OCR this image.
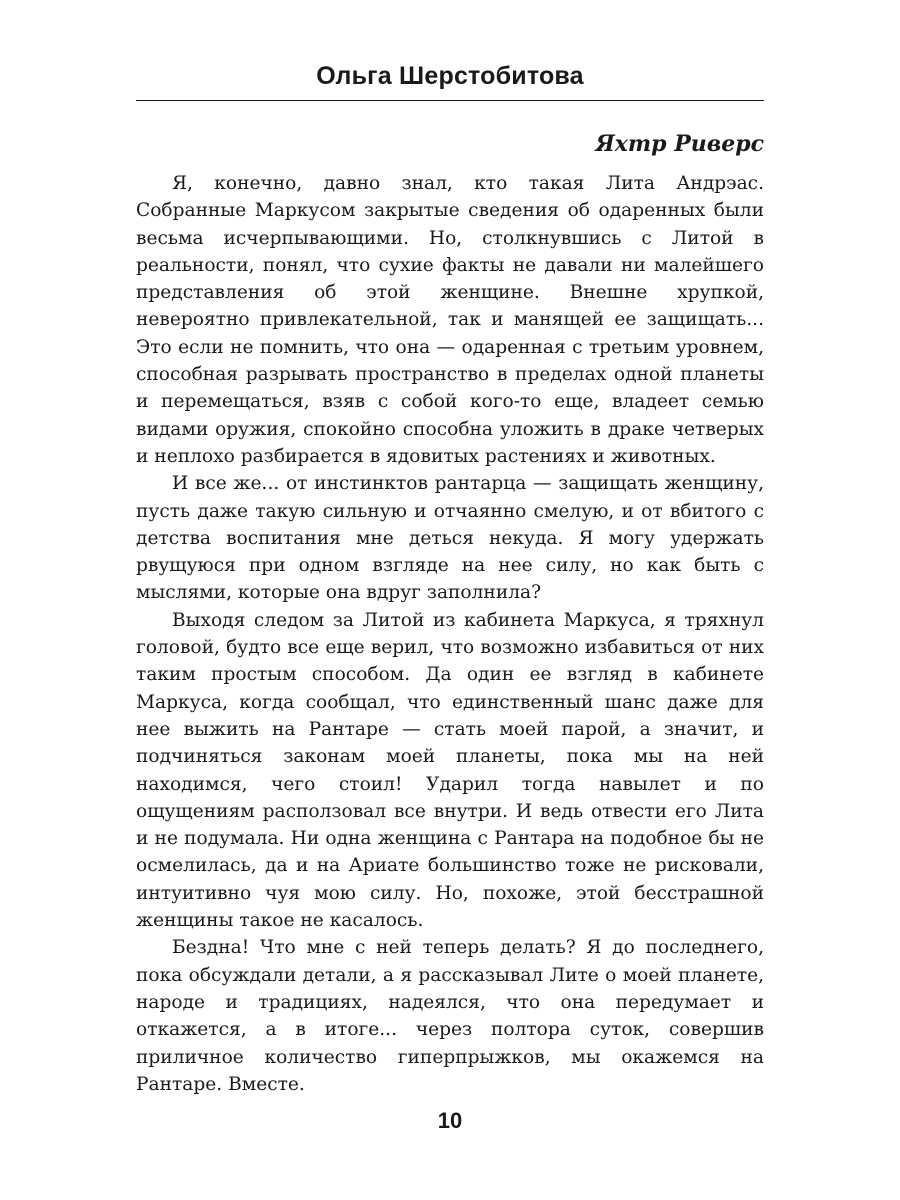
Ольга Шерстобитова
Яхтр Риверс

Я, конечно, давно знал, кто такая Лита Андрэас. Собранные Маркусом закрытые сведения об одаренных были весьма исчерпывающими. Но, столкнувшись с Литой в реальности, понял, что сухие факты не давали ни малейшего представления об этой женщине. Внешне хрупкой, невероятно привлекательной, так и манящей ее защищать... Это если не помнить, что она — одаренная с третьим уровнем, способная разрывать пространство в пределах одной планеты и перемещаться, взяв с собой кого-то еще, владеет семью видами оружия, спокойно способна уложить в драке четверых и неплохо разбирается в ядовитых растениях и животных.

И все же... от инстинктов рантарца — защищать женщину, пусть даже такую сильную и отчаянно смелую, и от вбитого с детства воспитания мне деться некуда. Я могу удержать рвущуюся при одном взгляде на нее силу, но как быть с мыслями, которые она вдруг заполнила?

Выходя следом за Литой из кабинета Маркуса, я тряхнул головой, будто все еще верил, что возможно избавиться от них таким простым способом. Да один ее взгляд в кабинете Маркуса, когда сообщал, что единственный шанс даже для нее выжить на Рантаре — стать моей парой, а значит, и подчиняться законам моей планеты, пока мы на ней находимся, чего стоил! Ударил тогда навылет и по ощущениям расползовал все внутри. И ведь отвести его Лита и не подумала. Ни одна женщина с Рантара на подобное бы не осмелилась, да и на Ариате большинство тоже не рисковали, интуитивно чуя мою силу. Но, похоже, этой бесстрашной женщины такое не касалось.

Бездна! Что мне с ней теперь делать? Я до последнего, пока обсуждали детали, а я рассказывал Лите о моей планете, народе и традициях, надеялся, что она передумает и откажется, а в итоге... через полтора суток, совершив приличное количество гиперпрыжков, мы окажемся на Рантаре. Вместе.

10
